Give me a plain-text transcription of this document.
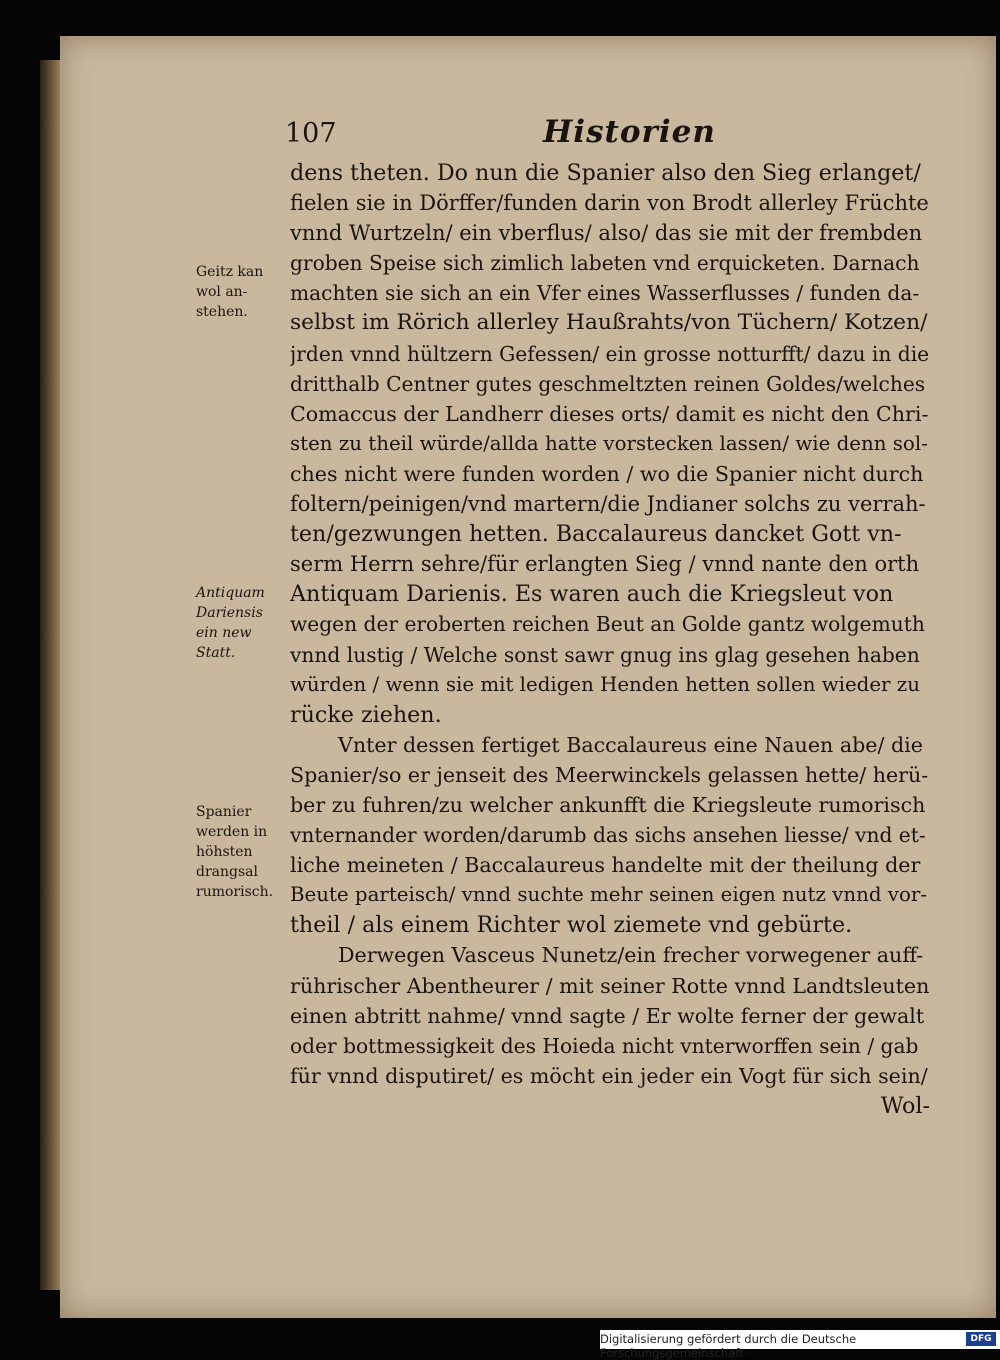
107	Historien
Geitz kan
wol an-
stehen.
Antiquam
Dariensis
ein new
Statt.
Spanier
werden in
höhsten
drangsal
rumorisch.
dens theten. Do nun die Spanier also den Sieg erlanget/
fielen sie in Dörffer/funden darin von Brodt allerley Früchte
vnnd Wurtzeln/ ein vberflus/ also/ das sie mit der frembden
groben Speise sich zimlich labeten vnd erquicketen. Darnach
machten sie sich an ein Vfer eines Wasserflusses / funden da-
selbst im Rörich allerley Haußrahts/von Tüchern/ Kotzen/
jrden vnnd hültzern Gefessen/ ein grosse notturfft/ dazu in die
dritthalb Centner gutes geschmeltzten reinen Goldes/welches
Comaccus der Landherr dieses orts/ damit es nicht den Chri-
sten zu theil würde/allda hatte vorstecken lassen/ wie denn sol-
ches nicht were funden worden / wo die Spanier nicht durch
foltern/peinigen/vnd martern/die Jndianer solchs zu verrah-
ten/gezwungen hetten. Baccalaureus dancket Gott vn-
serm Herrn sehre/für erlangten Sieg / vnnd nante den orth
Antiquam Darienis. Es waren auch die Kriegsleut von
wegen der eroberten reichen Beut an Golde gantz wolgemuth
vnnd lustig / Welche sonst sawr gnug ins glag gesehen haben
würden / wenn sie mit ledigen Henden hetten sollen wieder zu
rücke ziehen.
Vnter dessen fertiget Baccalaureus eine Nauen abe/ die
Spanier/so er jenseit des Meerwinckels gelassen hette/ herü-
ber zu fuhren/zu welcher ankunfft die Kriegsleute rumorisch
vnternander worden/darumb das sichs ansehen liesse/ vnd et-
liche meineten / Baccalaureus handelte mit der theilung der
Beute parteisch/ vnnd suchte mehr seinen eigen nutz vnnd vor-
theil / als einem Richter wol ziemete vnd gebürte.
Derwegen Vasceus Nunetz/ein frecher vorwegener auff-
rührischer Abentheurer / mit seiner Rotte vnnd Landtsleuten
einen abtritt nahme/ vnnd sagte / Er wolte ferner der gewalt
oder bottmessigkeit des Hoieda nicht vnterworffen sein / gab
für vnnd disputiret/ es möcht ein jeder ein Vogt für sich sein/
Wol-
Digitalisierung gefördert durch die Deutsche Forschungsgemeinschaft ·
DFG
